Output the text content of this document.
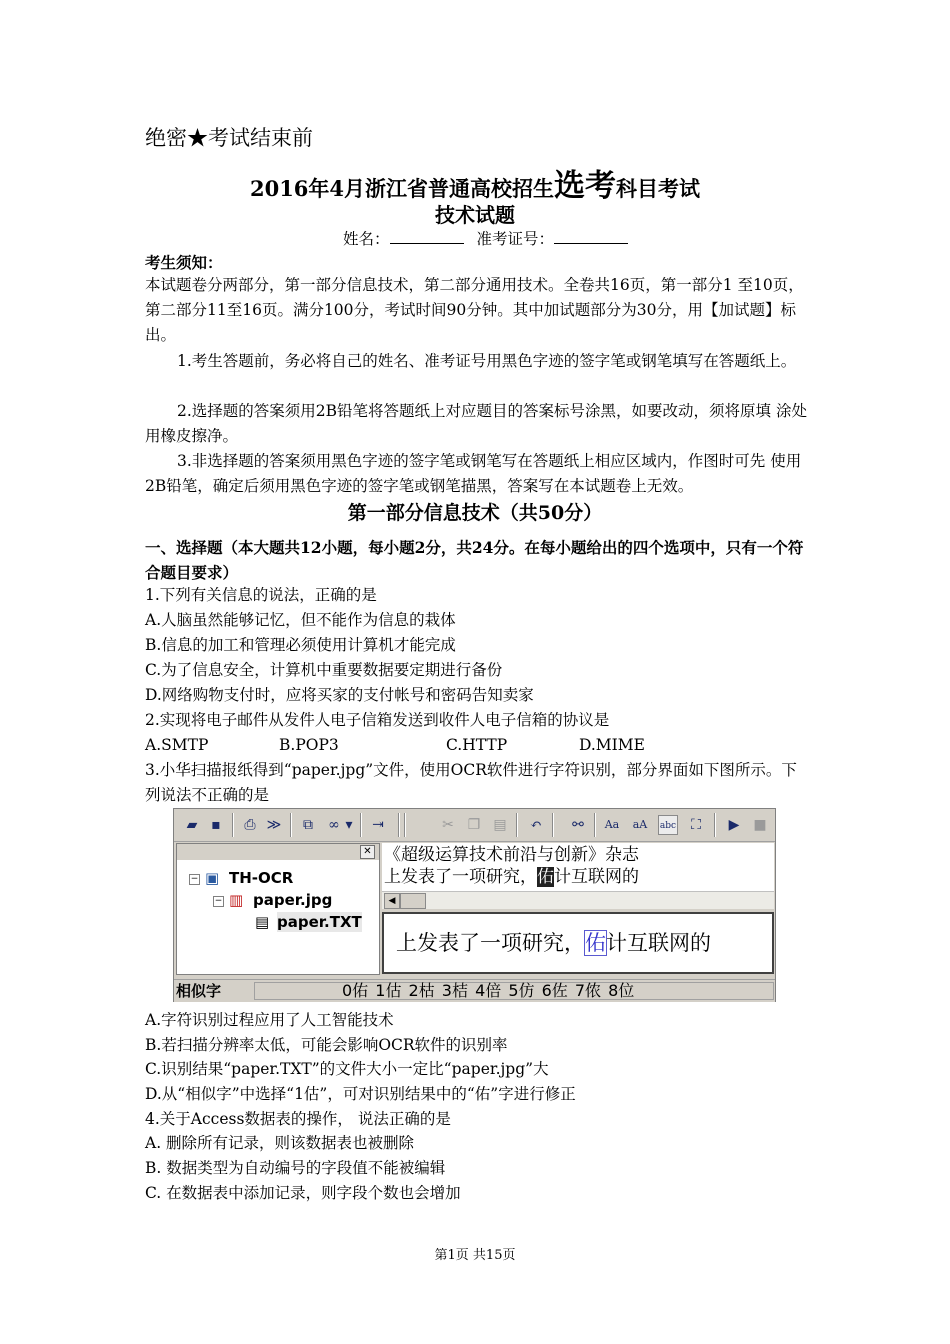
绝密★考试结束前
2016年4月浙江省普通高校招生选考科目考试
技术试题
姓名：	准考证号：
考生须知：
本试题卷分两部分，第一部分信息技术，第二部分通用技术。全卷共16页，第一部分1 至10页，第二部分11至16页。满分100分，考试时间90分钟。其中加试题部分为30分，用【加试题】标出。
1.考生答题前，务必将自己的姓名、准考证号用黑色字迹的签字笔或钢笔填写在答题纸上。
2.选择题的答案须用2B铅笔将答题纸上对应题目的答案标号涂黑，如要改动，须将原填 涂处用橡皮擦净。
3.非选择题的答案须用黑色字迹的签字笔或钢笔写在答题纸上相应区域内，作图时可先 使用2B铅笔，确定后须用黑色字迹的签字笔或钢笔描黑，答案写在本试题卷上无效。
第一部分信息技术（共50分）
一、选择题（本大题共12小题，每小题2分，共24分。在每小题给出的四个选项中，只有一个符合题目要求）
1.下列有关信息的说法，正确的是
A.人脑虽然能够记忆，但不能作为信息的栽体
B.信息的加工和管理必须使用计算机才能完成
C.为了信息安全，计算机中重要数据要定期进行备份
D.网络购物支付时，应将买家的支付帐号和密码告知卖家
2.实现将电子邮件从发件人电子信箱发送到收件人电子信箱的协议是
A.SMTP	B.POP3	C.HTTP	D.MIME
3.小华扫描报纸得到“paper.jpg”文件，使用OCR软件进行字符识别，部分界面如下图所示。下列说法不正确的是
▰ ▪	⎙ ≫	⧉	∞ ▾ ⇥	✂ ❐ ▤ ↶ ⚯	Aa aA	abc	⛶	▶ ■
✕
− ▣ TH-OCR
− ▥ paper.jpg
▤ paper.TXT
《超级运算技术前沿与创新》杂志
上发表了一项研究，佑计互联网的
◀
上发表了一项研究，佑计互联网的
相似字	0佑 1估 2枯 3桔 4倍 5仿 6佐 7侬 8位
A.字符识别过程应用了人工智能技术
B.若扫描分辨率太低，可能会影响OCR软件的识别率
C.识别结果“paper.TXT”的文件大小一定比“paper.jpg”大
D.从“相似字”中选择“1估”，可对识别结果中的“佑”字进行修正
4.关于Access数据表的操作， 说法正确的是
A. 删除所有记录，则该数据表也被删除
B. 数据类型为自动编号的字段值不能被编辑
C. 在数据表中添加记录，则字段个数也会增加
第1页 共15页
